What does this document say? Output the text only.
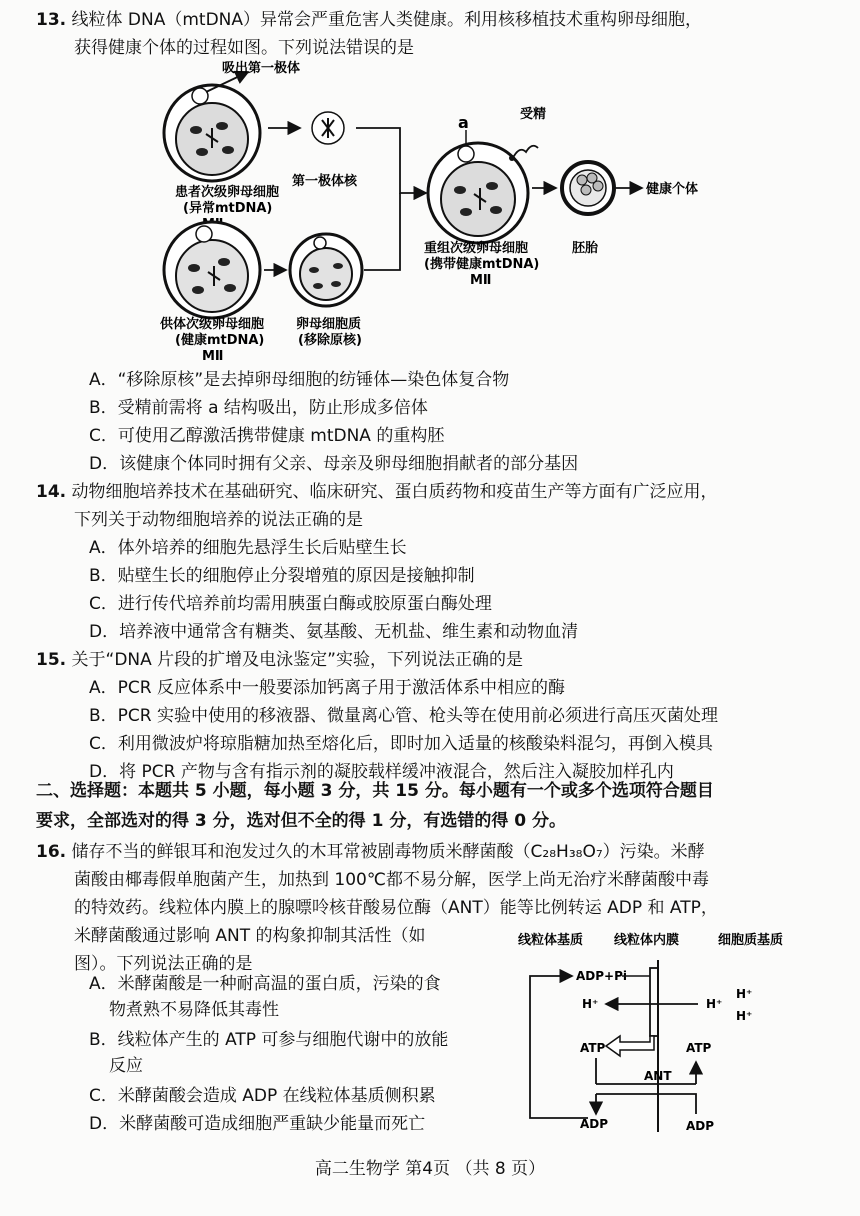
13. 线粒体 DNA（mtDNA）异常会严重危害人类健康。利用核移植技术重构卵母细胞，
获得健康个体的过程如图。下列说法错误的是
吸出第一极体
患者次级卵母细胞
(异常mtDNA)
第一极体核
供体次级卵母细胞
(健康mtDNA)
MⅡ
卵母细胞质
(移除原核)
a	受精
重组次级卵母细胞
(携带健康mtDNA)
MⅡ
胚胎
健康个体
A．“移除原核”是去掉卵母细胞的纺锤体—染色体复合物
B．受精前需将 a 结构吸出，防止形成多倍体
C．可使用乙醇激活携带健康 mtDNA 的重构胚
D．该健康个体同时拥有父亲、母亲及卵母细胞捐献者的部分基因
14. 动物细胞培养技术在基础研究、临床研究、蛋白质药物和疫苗生产等方面有广泛应用，
下列关于动物细胞培养的说法正确的是
A．体外培养的细胞先悬浮生长后贴壁生长
B．贴壁生长的细胞停止分裂增殖的原因是接触抑制
C．进行传代培养前均需用胰蛋白酶或胶原蛋白酶处理
D．培养液中通常含有糖类、氨基酸、无机盐、维生素和动物血清
15. 关于“DNA 片段的扩增及电泳鉴定”实验，下列说法正确的是
A．PCR 反应体系中一般要添加钙离子用于激活体系中相应的酶
B．PCR 实验中使用的移液器、微量离心管、枪头等在使用前必须进行高压灭菌处理
C．利用微波炉将琼脂糖加热至熔化后，即时加入适量的核酸染料混匀，再倒入模具
D．将 PCR 产物与含有指示剂的凝胶载样缓冲液混合，然后注入凝胶加样孔内
二、选择题：本题共 5 小题，每小题 3 分，共 15 分。每小题有一个或多个选项符合题目
要求，全部选对的得 3 分，选对但不全的得 1 分，有选错的得 0 分。
16. 储存不当的鲜银耳和泡发过久的木耳常被剧毒物质米酵菌酸（C₂₈H₃₈O₇）污染。米酵
菌酸由椰毒假单胞菌产生，加热到 100℃都不易分解，医学上尚无治疗米酵菌酸中毒
的特效药。线粒体内膜上的腺嘌呤核苷酸易位酶（ANT）能等比例转运 ADP 和 ATP，
米酵菌酸通过影响 ANT 的构象抑制其活性（如
图）。下列说法正确的是
A．米酵菌酸是一种耐高温的蛋白质，污染的食
物煮熟不易降低其毒性
B．线粒体产生的 ATP 可参与细胞代谢中的放能
反应
C．米酵菌酸会造成 ADP 在线粒体基质侧积累
D．米酵菌酸可造成细胞严重缺少能量而死亡
线粒体基质 线粒体内膜	细胞质基质
ADP+Pi
H⁺	H⁺
H⁺
H⁺
ATP	ATP
ANT
ADP	ADP
高二生物学 第4页 （共 8 页）
